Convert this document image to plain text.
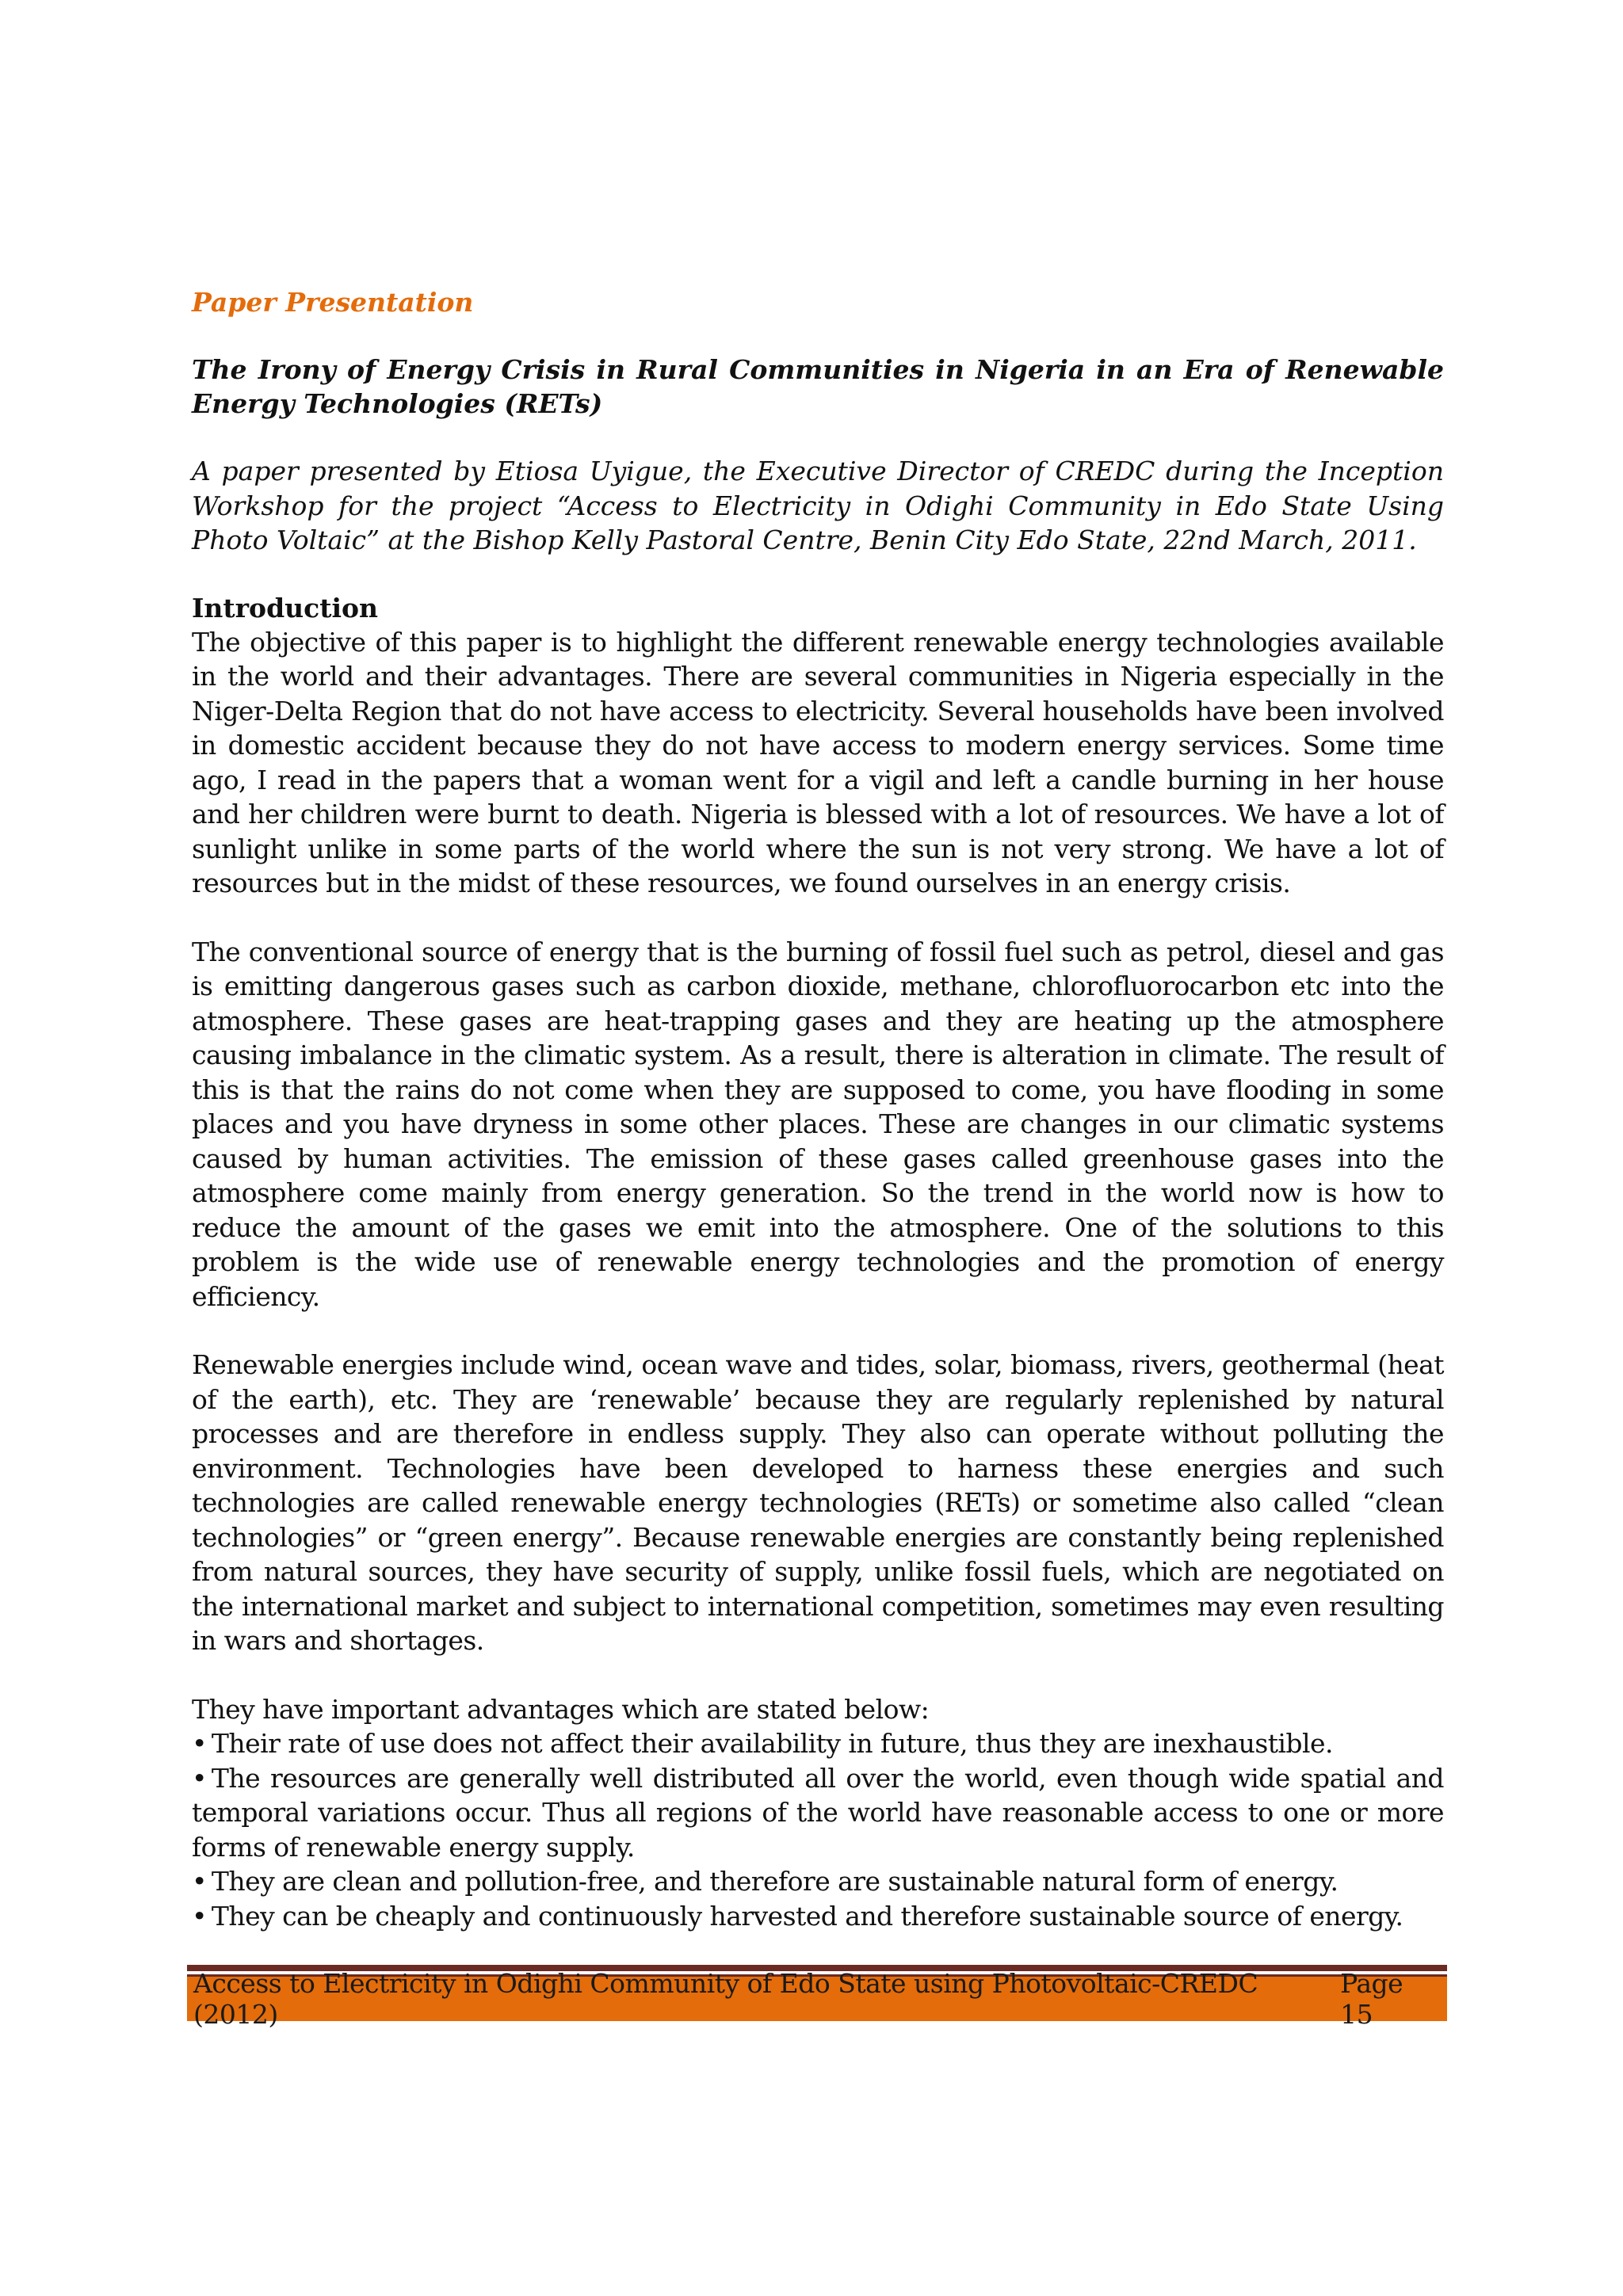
Paper Presentation

The Irony of Energy Crisis in Rural Communities in Nigeria in an Era of Renewable Energy Technologies (RETs)

A paper presented by Etiosa Uyigue, the Executive Director of CREDC during the Inception Workshop for the project “Access to Electricity in Odighi Community in Edo State Using Photo Voltaic” at the Bishop Kelly Pastoral Centre, Benin City Edo State, 22nd March, 2011.

Introduction

The objective of this paper is to highlight the different renewable energy technologies available in the world and their advantages. There are several communities in Nigeria especially in the Niger-Delta Region that do not have access to electricity. Several households have been involved in domestic accident because they do not have access to modern energy services. Some time ago, I read in the papers that a woman went for a vigil and left a candle burning in her house and her children were burnt to death. Nigeria is blessed with a lot of resources. We have a lot of sunlight unlike in some parts of the world where the sun is not very strong. We have a lot of resources but in the midst of these resources, we found ourselves in an energy crisis.

The conventional source of energy that is the burning of fossil fuel such as petrol, diesel and gas is emitting dangerous gases such as carbon dioxide, methane, chlorofluorocarbon etc into the atmosphere. These gases are heat-trapping gases and they are heating up the atmosphere causing imbalance in the climatic system. As a result, there is alteration in climate. The result of this is that the rains do not come when they are supposed to come, you have flooding in some places and you have dryness in some other places. These are changes in our climatic systems caused by human activities. The emission of these gases called greenhouse gases into the atmosphere come mainly from energy generation. So the trend in the world now is how to reduce the amount of the gases we emit into the atmosphere. One of the solutions to this problem is the wide use of renewable energy technologies and the promotion of energy efficiency.

Renewable energies include wind, ocean wave and tides, solar, biomass, rivers, geothermal (heat of the earth), etc. They are ‘renewable’ because they are regularly replenished by natural processes and are therefore in endless supply. They also can operate without polluting the environment. Technologies have been developed to harness these energies and such technologies are called renewable energy technologies (RETs) or sometime also called “clean technologies” or “green energy”. Because renewable energies are constantly being replenished from natural sources, they have security of supply, unlike fossil fuels, which are negotiated on the international market and subject to international competition, sometimes may even resulting in wars and shortages.

They have important advantages which are stated below:

• Their rate of use does not affect their availability in future, thus they are inexhaustible.
• The resources are generally well distributed all over the world, even though wide spatial and temporal variations occur. Thus all regions of the world have reasonable access to one or more forms of renewable energy supply.
• They are clean and pollution-free, and therefore are sustainable natural form of energy.
• They can be cheaply and continuously harvested and therefore sustainable source of energy.
Access to Electricity in Odighi Community of Edo State using Photovoltaic-CREDC (2012)
Page 15
